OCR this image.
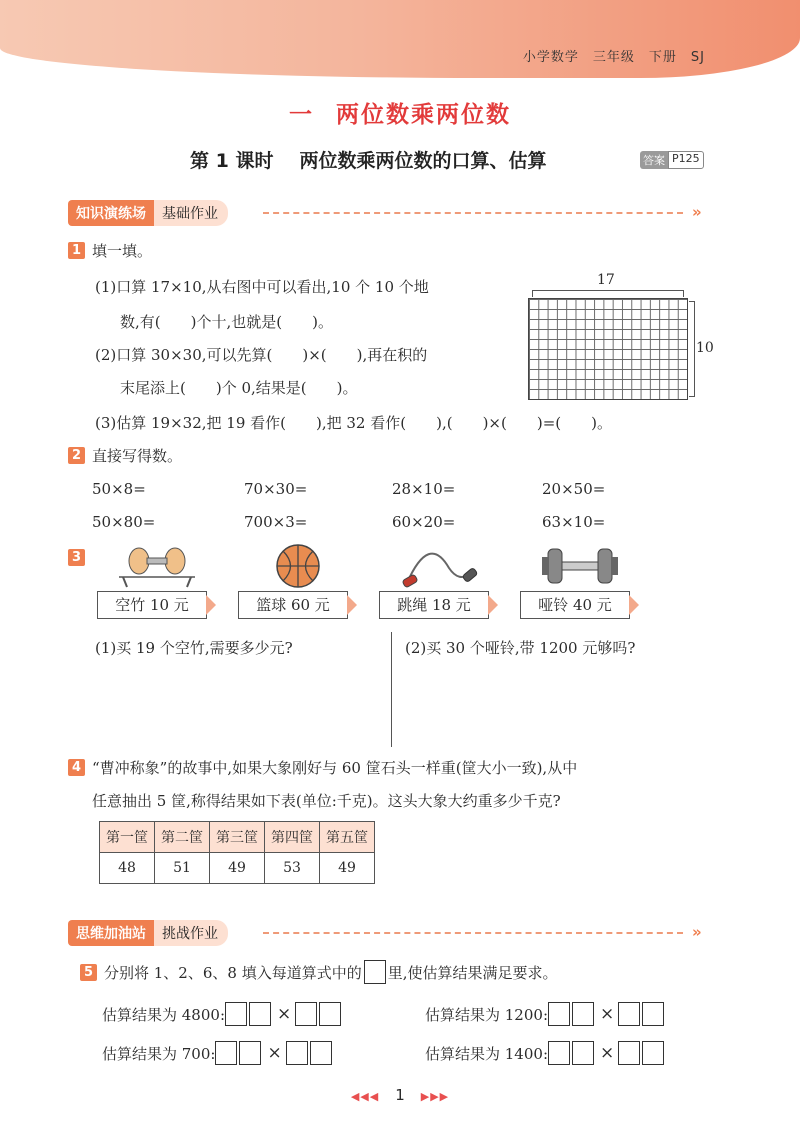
小学数学 三年级 下册 SJ
一 两位数乘两位数
第 1 课时 两位数乘两位数的口算、估算	答案 P125
知识演练场	基础作业	»
1 填一填。
(1)口算 17×10,从右图中可以看出,10 个 10 个地
数,有(　　)个十,也就是(　　)。
(2)口算 30×30,可以先算(　　)×(　　),再在积的
末尾添上(　　)个 0,结果是(　　)。
(3)估算 19×32,把 19 看作(　　),把 32 看作(　　),(　　)×(　　)=(　　)。
17
10
2 直接写得数。
50×8=	70×30=	28×10=	20×50=
50×80=	700×3=	60×20=	63×10=
3
空竹 10 元	篮球 60 元	跳绳 18 元	哑铃 40 元
(1)买 19 个空竹,需要多少元?	(2)买 30 个哑铃,带 1200 元够吗?
4 “曹冲称象”的故事中,如果大象刚好与 60 筐石头一样重(筐大小一致),从中
任意抽出 5 筐,称得结果如下表(单位:千克)。这头大象大约重多少千克?
第一筐	第二筐	第三筐	第四筐	第五筐
48	51	49	53	49
思维加油站	挑战作业	»
5 分别将 1、2、6、8 填入每道算式中的 里,使估算结果满足要求。
估算结果为 4800:	×	估算结果为 1200:	×
估算结果为 700:	×	估算结果为 1400:	×
◀◀◀ 1 ▶▶▶
